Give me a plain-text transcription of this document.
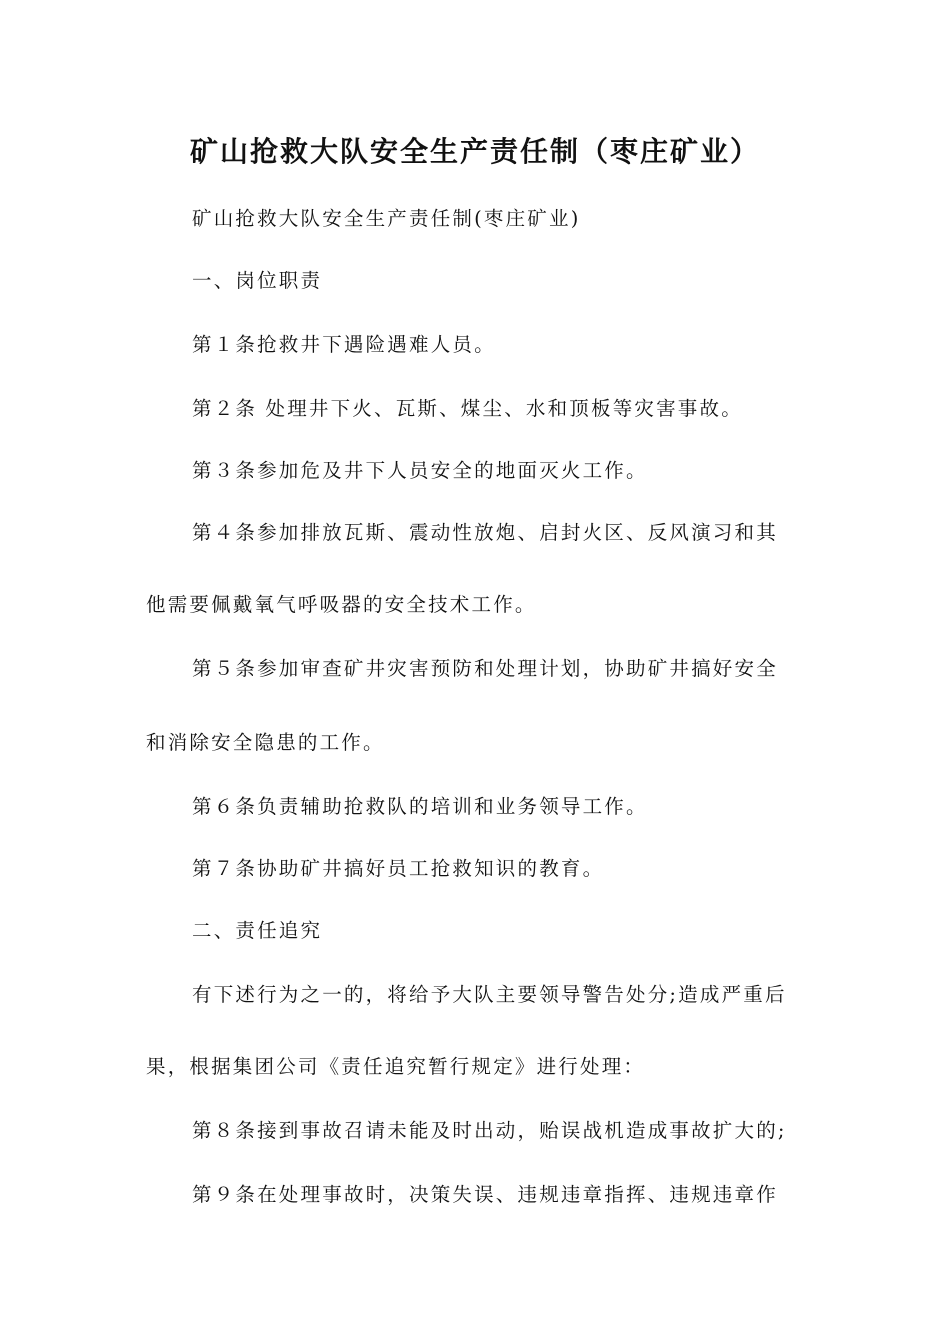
矿山抢救大队安全生产责任制（枣庄矿业）

矿山抢救大队安全生产责任制(枣庄矿业)

一、岗位职责

第１条抢救井下遇险遇难人员。

第２条 处理井下火、瓦斯、煤尘、水和顶板等灾害事故。

第３条参加危及井下人员安全的地面灭火工作。

第４条参加排放瓦斯、震动性放炮、启封火区、反风演习和其

他需要佩戴氧气呼吸器的安全技术工作。

第５条参加审查矿井灾害预防和处理计划，协助矿井搞好安全

和消除安全隐患的工作。

第６条负责辅助抢救队的培训和业务领导工作。

第７条协助矿井搞好员工抢救知识的教育。

二、责任追究

有下述行为之一的，将给予大队主要领导警告处分;造成严重后

果，根据集团公司《责任追究暂行规定》进行处理：

第８条接到事故召请未能及时出动，贻误战机造成事故扩大的;

第９条在处理事故时，决策失误、违规违章指挥、违规违章作
